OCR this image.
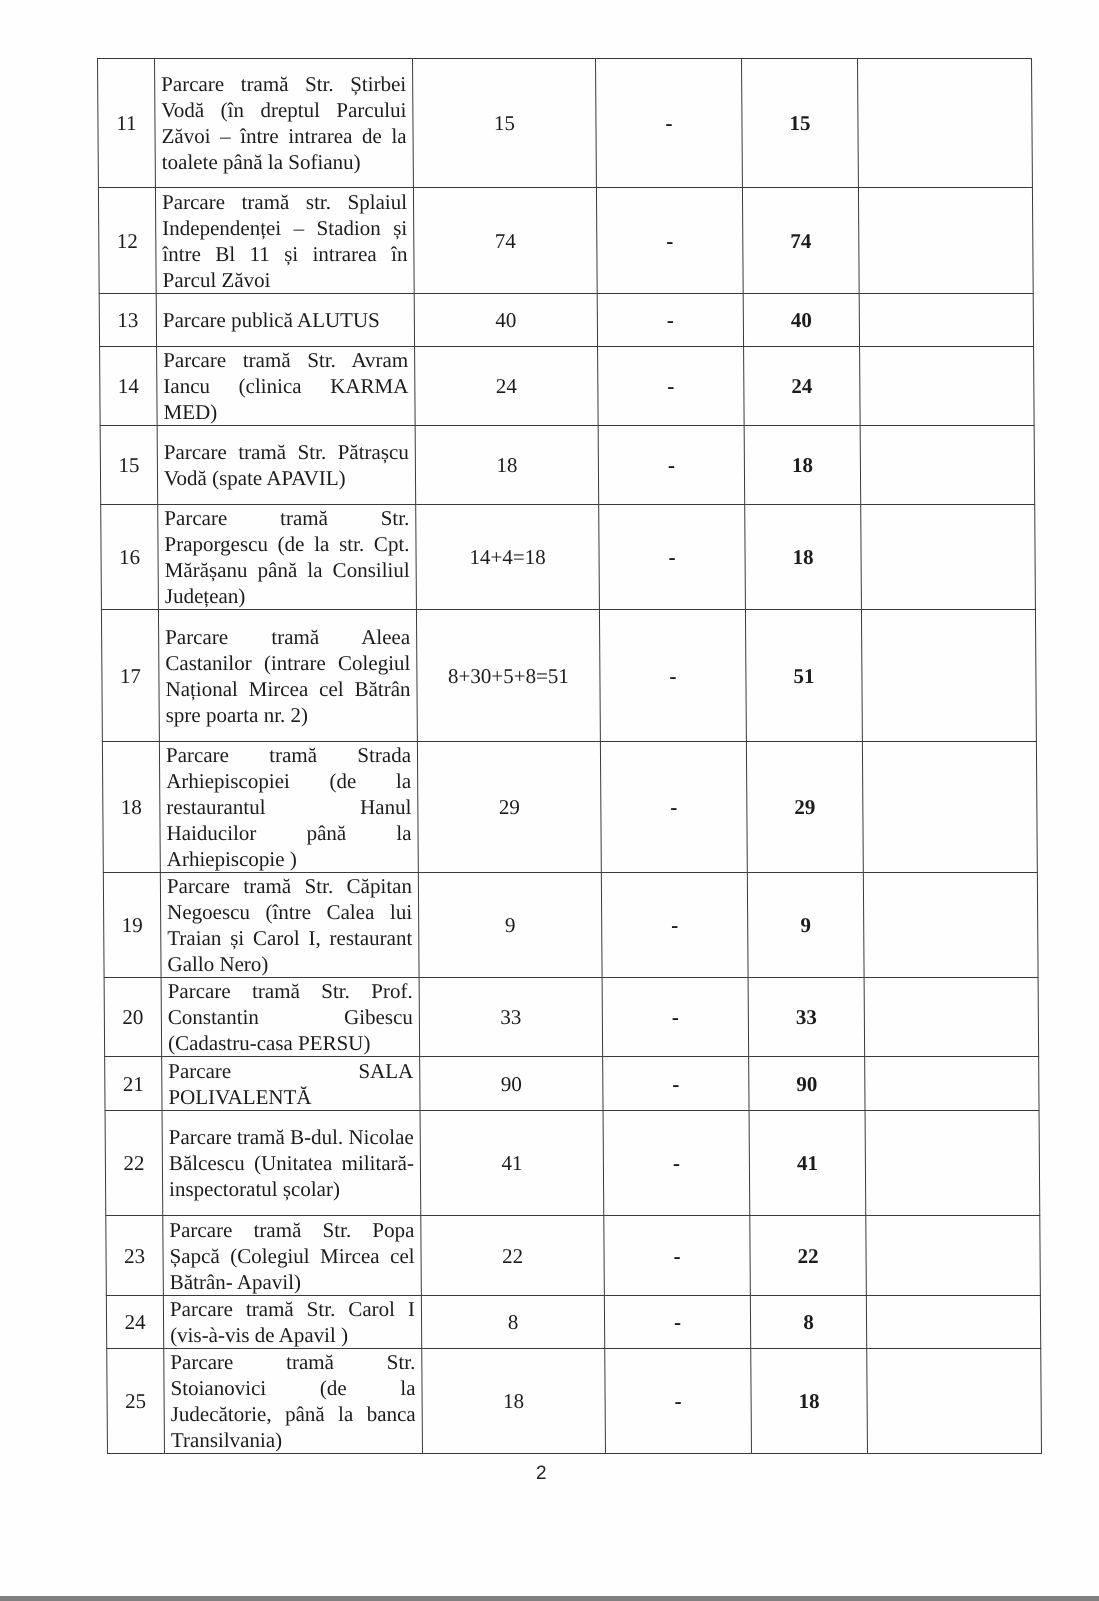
11	Parcare tramă Str. Știrbei Vodă (în dreptul Parcului Zăvoi – între intrarea de la toalete până la Sofianu)	15	-	15	
12	Parcare tramă str. Splaiul Independenței – Stadion și între Bl 11 și intrarea în Parcul Zăvoi	74	-	74	
13	Parcare publică ALUTUS	40	-	40	
14	Parcare tramă Str. Avram Iancu (clinica KARMA MED)	24	-	24	
15	Parcare tramă Str. Pătrașcu Vodă (spate APAVIL)	18	-	18	
16	Parcare tramă Str. Praporgescu (de la str. Cpt. Mărășanu până la Consiliul Județean)	14+4=18	-	18	
17	Parcare tramă Aleea Castanilor (intrare Colegiul Național Mircea cel Bătrân spre poarta nr. 2)	8+30+5+8=51	-	51	
18	Parcare tramă Strada Arhiepiscopiei (de la restaurantul Hanul Haiducilor până la Arhiepiscopie )	29	-	29	
19	Parcare tramă Str. Căpitan Negoescu (între Calea lui Traian și Carol I, restaurant Gallo Nero)	9	-	9	
20	Parcare tramă Str. Prof. Constantin Gibescu (Cadastru-casa PERSU)	33	-	33	
21	Parcare SALA POLIVALENTĂ	90	-	90	
22	Parcare tramă B-dul. Nicolae Bălcescu (Unitatea militară-inspectoratul școlar)	41	-	41	
23	Parcare tramă Str. Popa Șapcă (Colegiul Mircea cel Bătrân- Apavil)	22	-	22	
24	Parcare tramă Str. Carol I (vis-à-vis de Apavil )	8	-	8	
25	Parcare tramă Str. Stoianovici (de la Judecătorie, până la banca Transilvania)	18	-	18	
2
